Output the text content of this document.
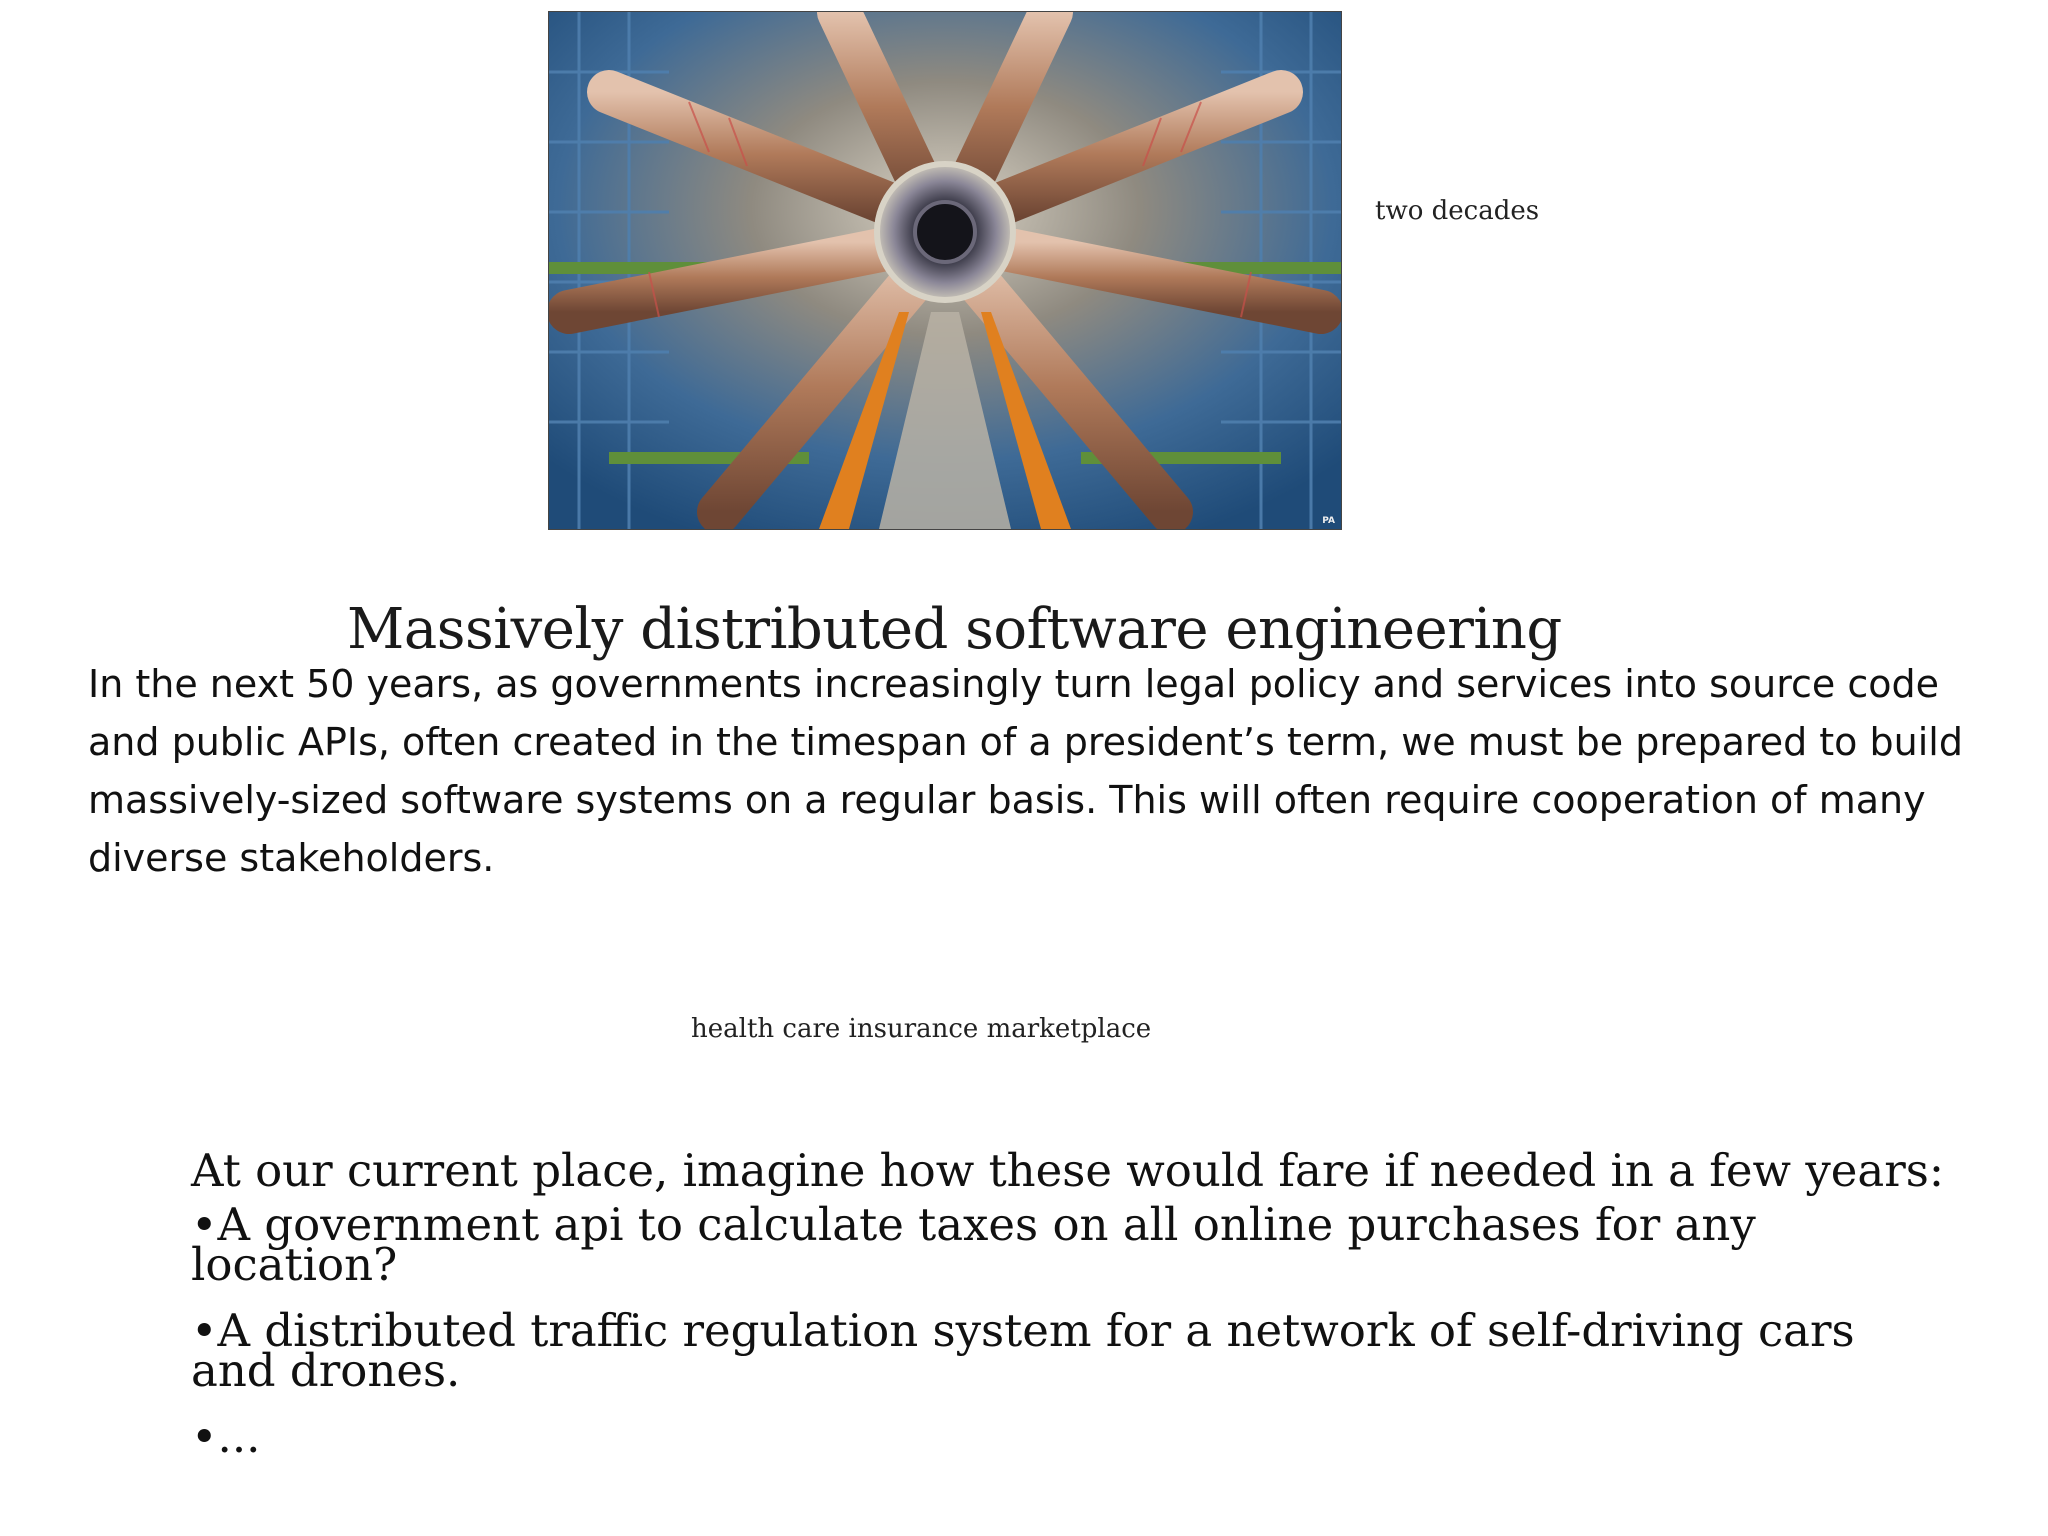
PA
two decades
Massively distributed software engineering

In the next 50 years, as governments increasingly turn legal policy and services into source code and public APIs, often created in the timespan of a president’s term, we must be prepared to build massively-sized software systems on a regular basis. This will often require cooperation of many diverse stakeholders.

health care insurance marketplace

At our current place, imagine how these would fare if needed in a few years:

•A government api to calculate taxes on all online purchases for any location?
•A distributed traffic regulation system for a network of self-driving cars and drones.
•...
